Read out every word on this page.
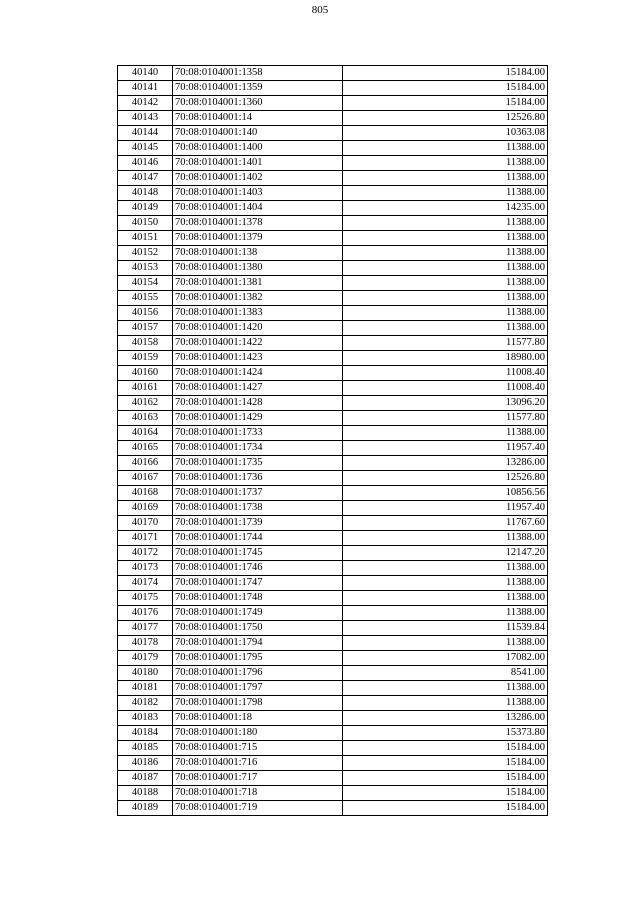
805
40140	70:08:0104001:1358	15184.00
40141	70:08:0104001:1359	15184.00
40142	70:08:0104001:1360	15184.00
40143	70:08:0104001:14	12526.80
40144	70:08:0104001:140	10363.08
40145	70:08:0104001:1400	11388.00
40146	70:08:0104001:1401	11388.00
40147	70:08:0104001:1402	11388.00
40148	70:08:0104001:1403	11388.00
40149	70:08:0104001:1404	14235.00
40150	70:08:0104001:1378	11388.00
40151	70:08:0104001:1379	11388.00
40152	70:08:0104001:138	11388.00
40153	70:08:0104001:1380	11388.00
40154	70:08:0104001:1381	11388.00
40155	70:08:0104001:1382	11388.00
40156	70:08:0104001:1383	11388.00
40157	70:08:0104001:1420	11388.00
40158	70:08:0104001:1422	11577.80
40159	70:08:0104001:1423	18980.00
40160	70:08:0104001:1424	11008.40
40161	70:08:0104001:1427	11008.40
40162	70:08:0104001:1428	13096.20
40163	70:08:0104001:1429	11577.80
40164	70:08:0104001:1733	11388.00
40165	70:08:0104001:1734	11957.40
40166	70:08:0104001:1735	13286.00
40167	70:08:0104001:1736	12526.80
40168	70:08:0104001:1737	10856.56
40169	70:08:0104001:1738	11957.40
40170	70:08:0104001:1739	11767.60
40171	70:08:0104001:1744	11388.00
40172	70:08:0104001:1745	12147.20
40173	70:08:0104001:1746	11388.00
40174	70:08:0104001:1747	11388.00
40175	70:08:0104001:1748	11388.00
40176	70:08:0104001:1749	11388.00
40177	70:08:0104001:1750	11539.84
40178	70:08:0104001:1794	11388.00
40179	70:08:0104001:1795	17082.00
40180	70:08:0104001:1796	8541.00
40181	70:08:0104001:1797	11388.00
40182	70:08:0104001:1798	11388.00
40183	70:08:0104001:18	13286.00
40184	70:08:0104001:180	15373.80
40185	70:08:0104001:715	15184.00
40186	70:08:0104001:716	15184.00
40187	70:08:0104001:717	15184.00
40188	70:08:0104001:718	15184.00
40189	70:08:0104001:719	15184.00
